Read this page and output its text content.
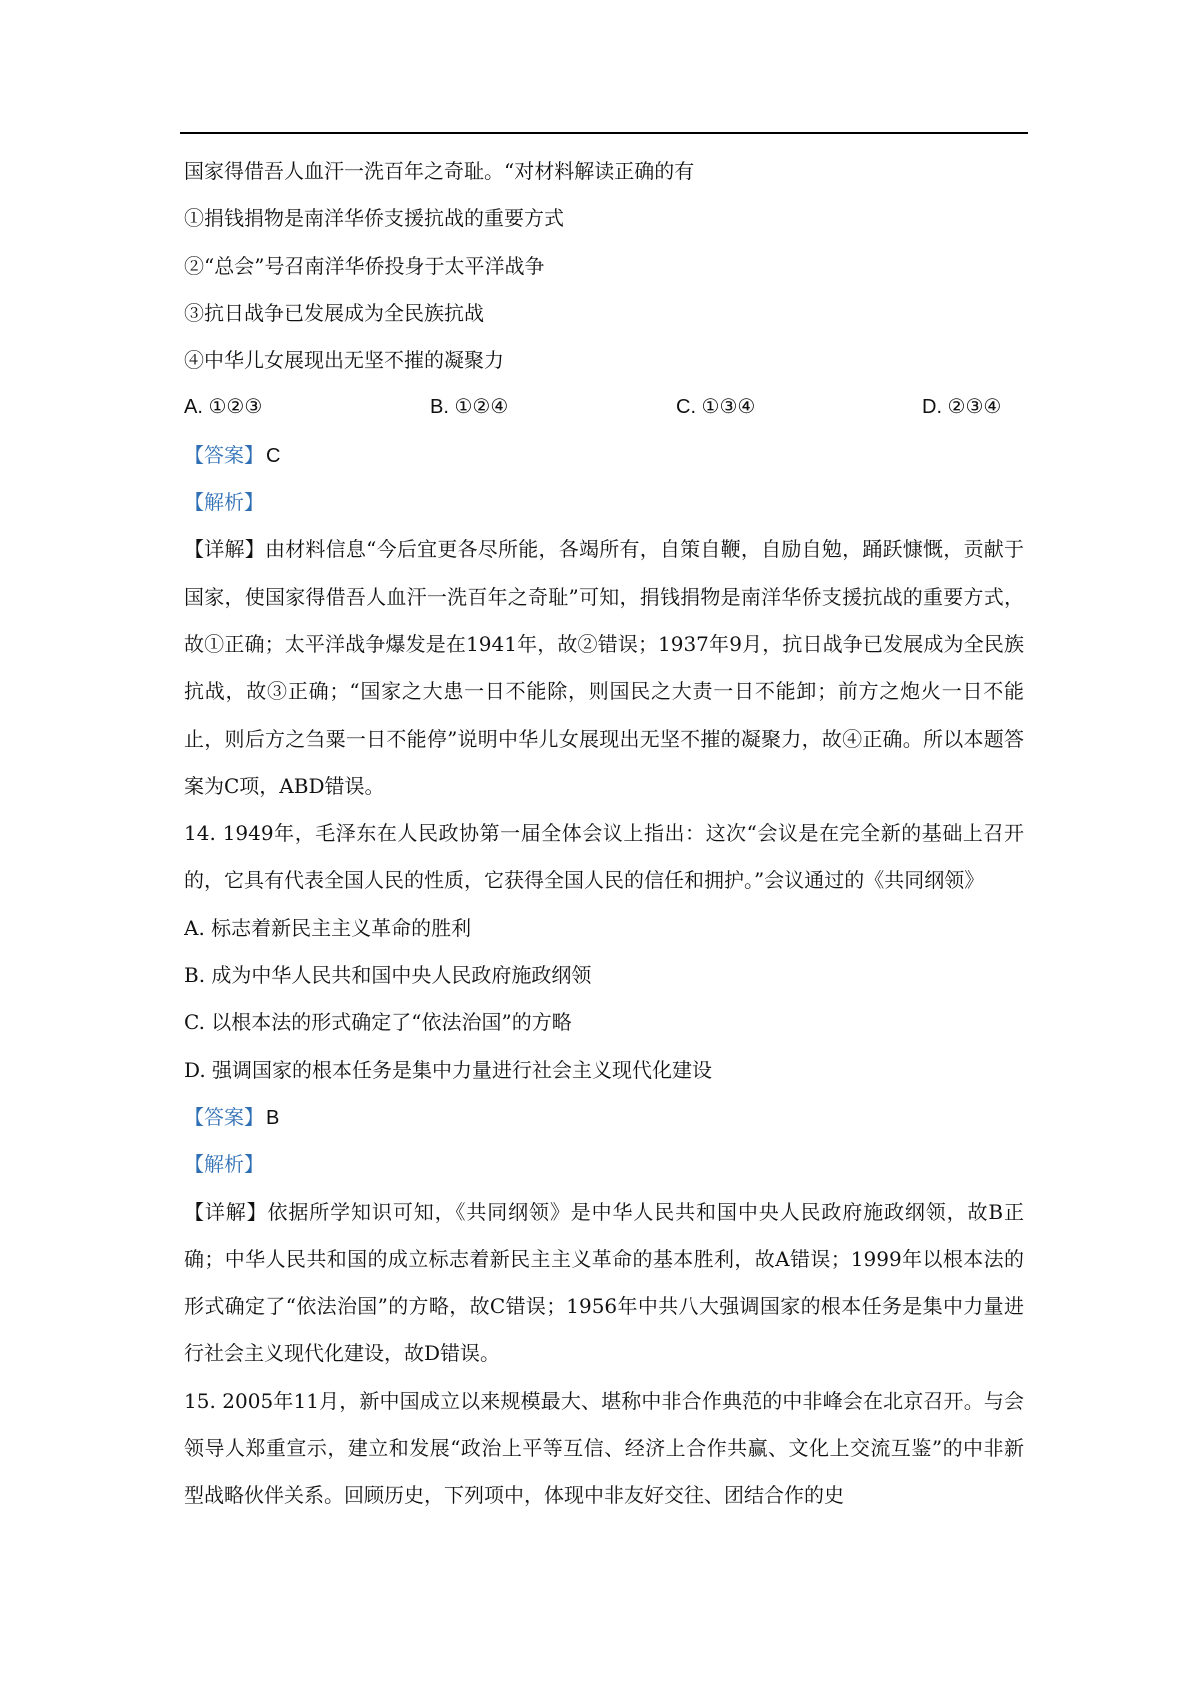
国家得借吾人血汗一洗百年之奇耻。“对材料解读正确的有
①捐钱捐物是南洋华侨支援抗战的重要方式
②“总会”号召南洋华侨投身于太平洋战争
③抗日战争已发展成为全民族抗战
④中华儿女展现出无坚不摧的凝聚力
A. ①②③	B. ①②④	C. ①③④	D. ②③④
【答案】 C
【解析】
【详解】由材料信息“今后宜更各尽所能，各竭所有，自策自鞭，自励自勉，踊跃慷慨，贡献于国家，使国家得借吾人血汗一洗百年之奇耻”可知，捐钱捐物是南洋华侨支援抗战的重要方式，故①正确；太平洋战争爆发是在1941年，故②错误；1937年9月，抗日战争已发展成为全民族抗战，故③正确；“国家之大患一日不能除，则国民之大责一日不能卸；前方之炮火一日不能止，则后方之刍粟一日不能停”说明中华儿女展现出无坚不摧的凝聚力，故④正确。所以本题答案为C项，ABD错误。
14. 1949年，毛泽东在人民政协第一届全体会议上指出：这次“会议是在完全新的基础上召开的，它具有代表全国人民的性质，它获得全国人民的信任和拥护。”会议通过的《共同纲领》
A. 标志着新民主主义革命的胜利
B. 成为中华人民共和国中央人民政府施政纲领
C. 以根本法的形式确定了“依法治国”的方略
D. 强调国家的根本任务是集中力量进行社会主义现代化建设
【答案】 B
【解析】
【详解】依据所学知识可知，《共同纲领》是中华人民共和国中央人民政府施政纲领，故B正确；中华人民共和国的成立标志着新民主主义革命的基本胜利，故A错误；1999年以根本法的形式确定了“依法治国”的方略，故C错误；1956年中共八大强调国家的根本任务是集中力量进行社会主义现代化建设，故D错误。
15. 2005年11月，新中国成立以来规模最大、堪称中非合作典范的中非峰会在北京召开。与会领导人郑重宣示，建立和发展“政治上平等互信、经济上合作共赢、文化上交流互鉴”的中非新型战略伙伴关系。回顾历史，下列项中，体现中非友好交往、团结合作的史
